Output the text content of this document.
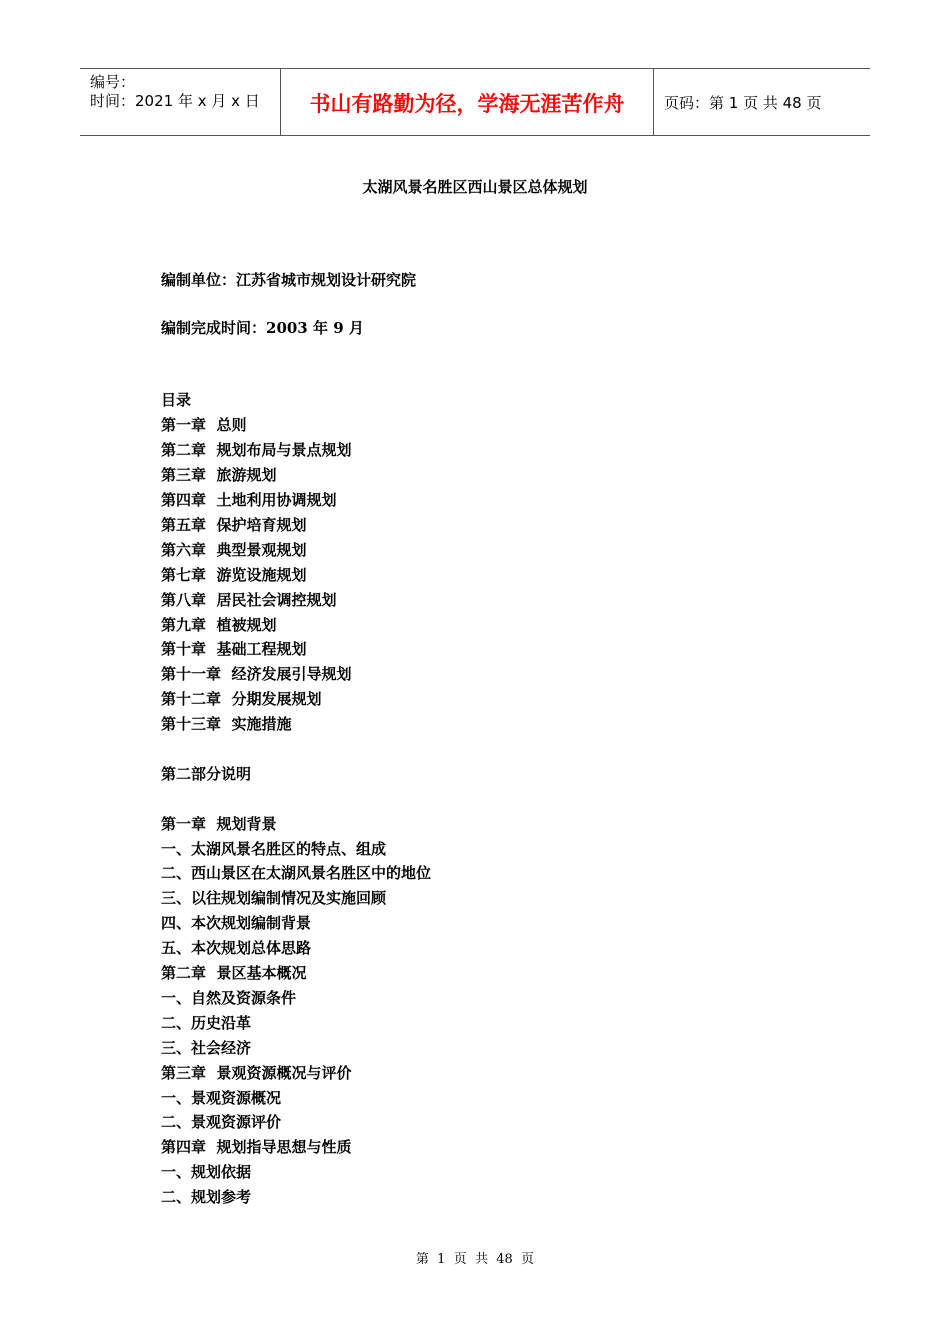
编号：
时间：2021 年 x 月 x 日	书山有路勤为径，学海无涯苦作舟	页码：第 1 页 共 48 页
太湖风景名胜区西山景区总体规划
编制单位：江苏省城市规划设计研究院
编制完成时间：2003 年 9 月
目录
第一章  总则
第二章  规划布局与景点规划
第三章  旅游规划
第四章  土地利用协调规划
第五章  保护培育规划
第六章  典型景观规划
第七章  游览设施规划
第八章  居民社会调控规划
第九章  植被规划
第十章  基础工程规划
第十一章  经济发展引导规划
第十二章  分期发展规划
第十三章  实施措施
第二部分说明
第一章  规划背景
一、太湖风景名胜区的特点、组成
二、西山景区在太湖风景名胜区中的地位
三、以往规划编制情况及实施回顾
四、本次规划编制背景
五、本次规划总体思路
第二章  景区基本概况
一、自然及资源条件
二、历史沿革
三、社会经济
第三章  景观资源概况与评价
一、景观资源概况
二、景观资源评价
第四章  规划指导思想与性质
一、规划依据
二、规划参考
第  1  页  共  48  页
